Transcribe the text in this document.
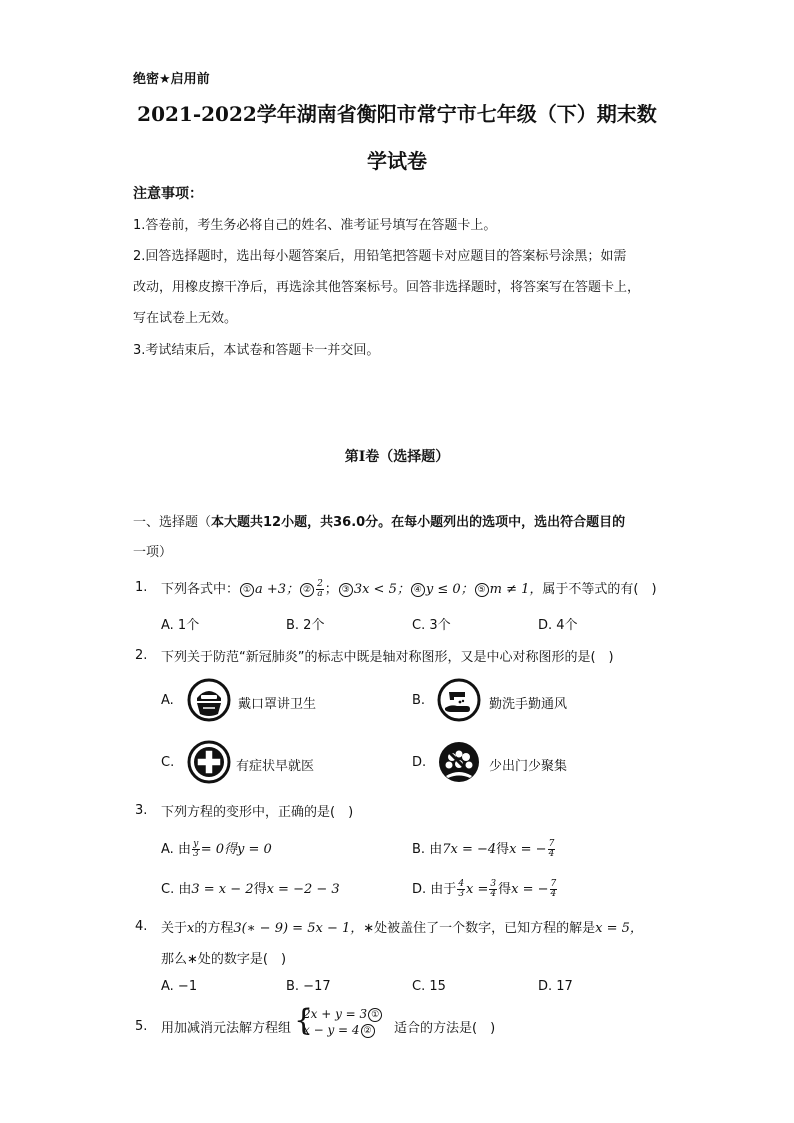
绝密★启用前
2021-2022学年湖南省衡阳市常宁市七年级（下）期末数
学试卷
注意事项：
1.答卷前，考生务必将自己的姓名、准考证号填写在答题卡上。
2.回答选择题时，选出每小题答案后，用铅笔把答题卡对应题目的答案标号涂黑；如需
改动，用橡皮擦干净后，再选涂其他答案标号。回答非选择题时，将答案写在答题卡上，
写在试卷上无效。
3.考试结束后，本试卷和答题卡一并交回。
第Ⅰ卷（选择题）
一、选择题（本大题共12小题，共36.0分。在每小题列出的选项中，选出符合题目的
一项）
1. 下列各式中： ① a +3； ② $\frac{2}{a}$ ； ③ 3x < 5； ④ y ≤ 0； ⑤ m ≠ 1，属于不等式的有(　)
A. 1个	B. 2个	C. 3个	D. 4个
2. 下列关于防范“新冠肺炎”的标志中既是轴对称图形，又是中心对称图形的是(　)
A.	戴口罩讲卫生	B.	勤洗手勤通风
C.	有症状早就医	D.	少出门少聚集
3. 下列方程的变形中，正确的是(　)
A. 由 $\frac{y}{3} = 0$得y = 0	B. 由7x = −4得x = − $\frac{7}{4}$
C. 由3 = x − 2得x = −2 − 3	D. 由于 $\frac{4}{3}$ $x = \frac{3}{4}$ 得x = − $\frac{7}{4}$
4. 关于x的方程3(∗ − 9) = 5x − 1，∗处被盖住了一个数字，已知方程的解是x = 5，
那么∗处的数字是(　)
A. −1	B. −17	C. 15	D. 17
5. 用加减消元法解方程组 {
2x + y = 3 ①
x − y = 4 ②	适合的方法是(　)
